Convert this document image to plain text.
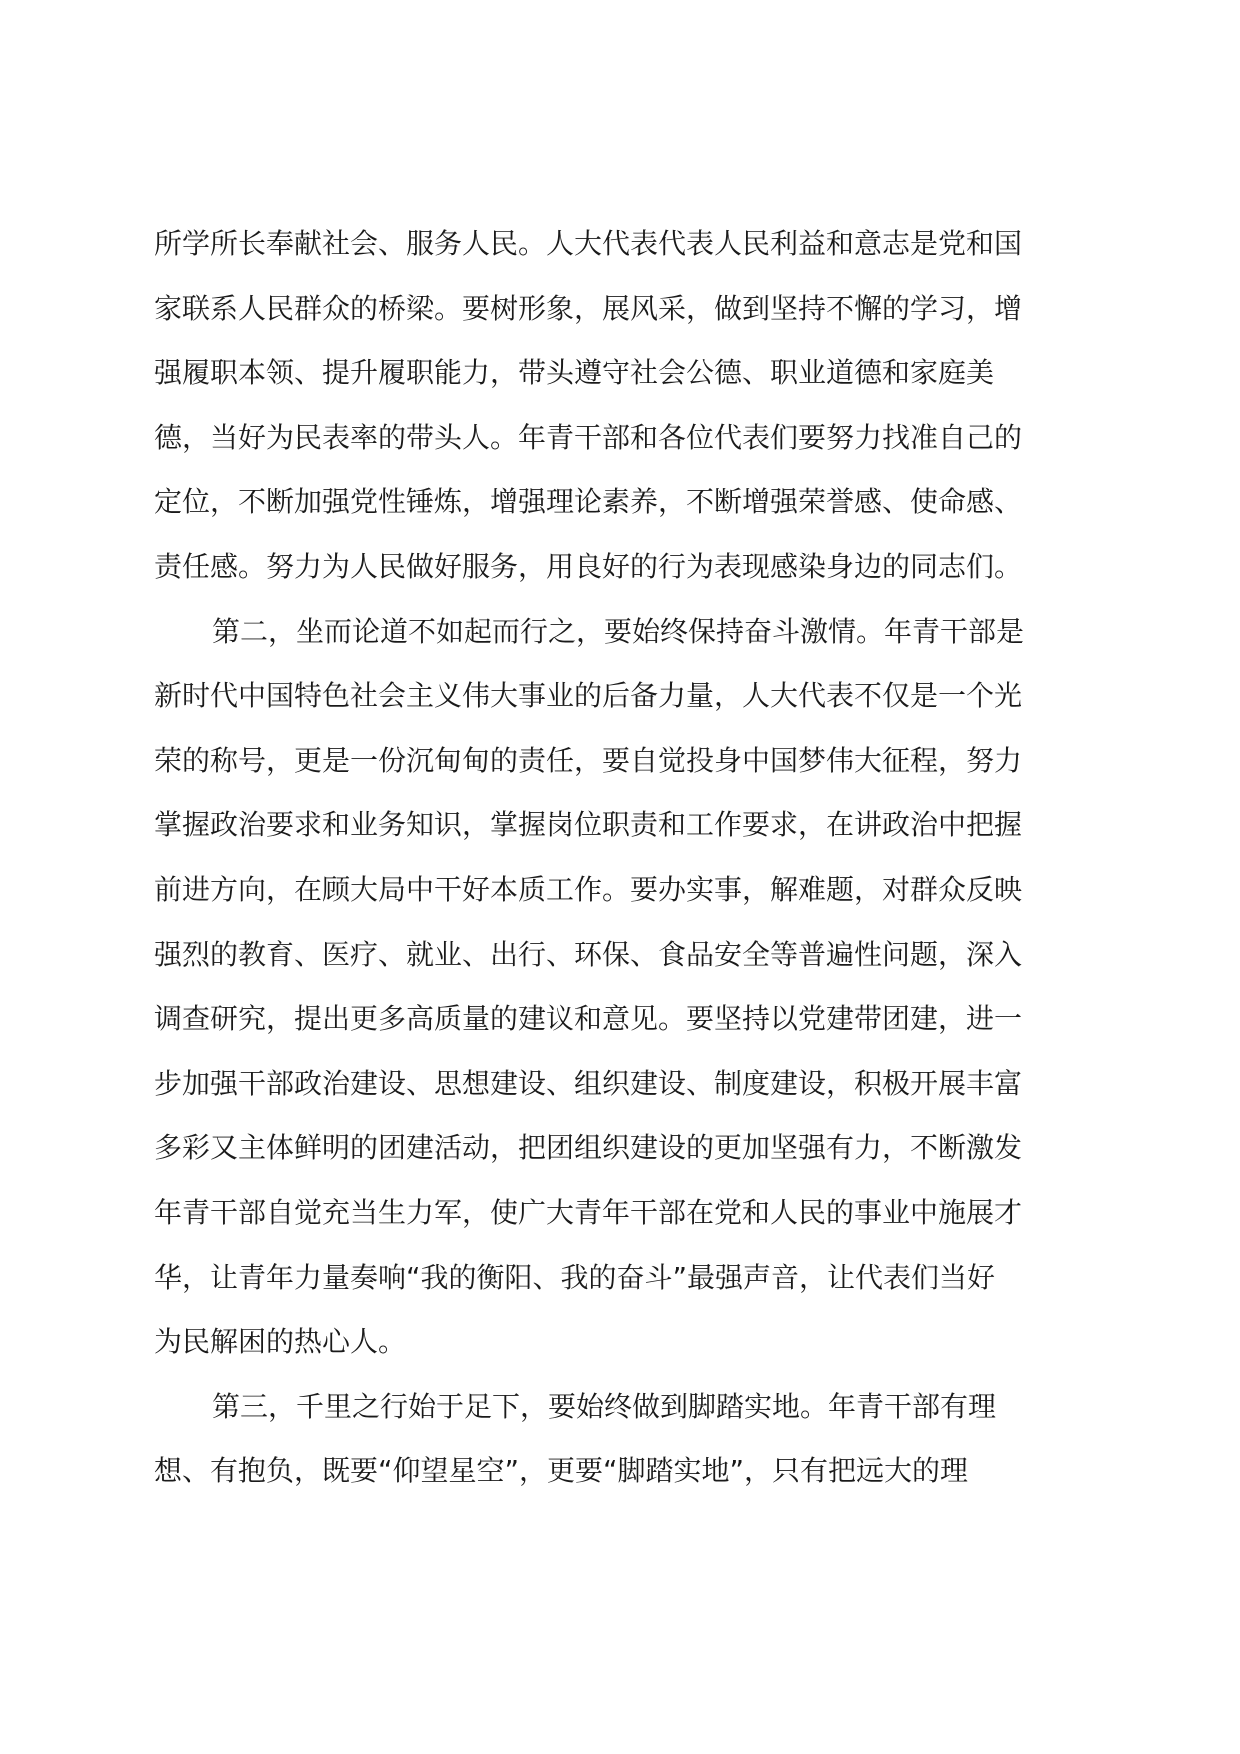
所学所长奉献社会、服务人民。人大代表代表人民利益和意志是党和国
家联系人民群众的桥梁。要树形象，展风采，做到坚持不懈的学习，增
强履职本领、提升履职能力，带头遵守社会公德、职业道德和家庭美
德，当好为民表率的带头人。年青干部和各位代表们要努力找准自己的
定位，不断加强党性锤炼，增强理论素养，不断增强荣誉感、使命感、
责任感。努力为人民做好服务，用良好的行为表现感染身边的同志们。
第二，坐而论道不如起而行之，要始终保持奋斗激情。年青干部是
新时代中国特色社会主义伟大事业的后备力量，人大代表不仅是一个光
荣的称号，更是一份沉甸甸的责任，要自觉投身中国梦伟大征程，努力
掌握政治要求和业务知识，掌握岗位职责和工作要求，在讲政治中把握
前进方向，在顾大局中干好本质工作。要办实事，解难题，对群众反映
强烈的教育、医疗、就业、出行、环保、食品安全等普遍性问题，深入
调查研究，提出更多高质量的建议和意见。要坚持以党建带团建，进一
步加强干部政治建设、思想建设、组织建设、制度建设，积极开展丰富
多彩又主体鲜明的团建活动，把团组织建设的更加坚强有力，不断激发
年青干部自觉充当生力军，使广大青年干部在党和人民的事业中施展才
华，让青年力量奏响“我的衡阳、我的奋斗”最强声音，让代表们当好
为民解困的热心人。
第三，千里之行始于足下，要始终做到脚踏实地。年青干部有理
想、有抱负，既要“仰望星空”，更要“脚踏实地”，只有把远大的理
